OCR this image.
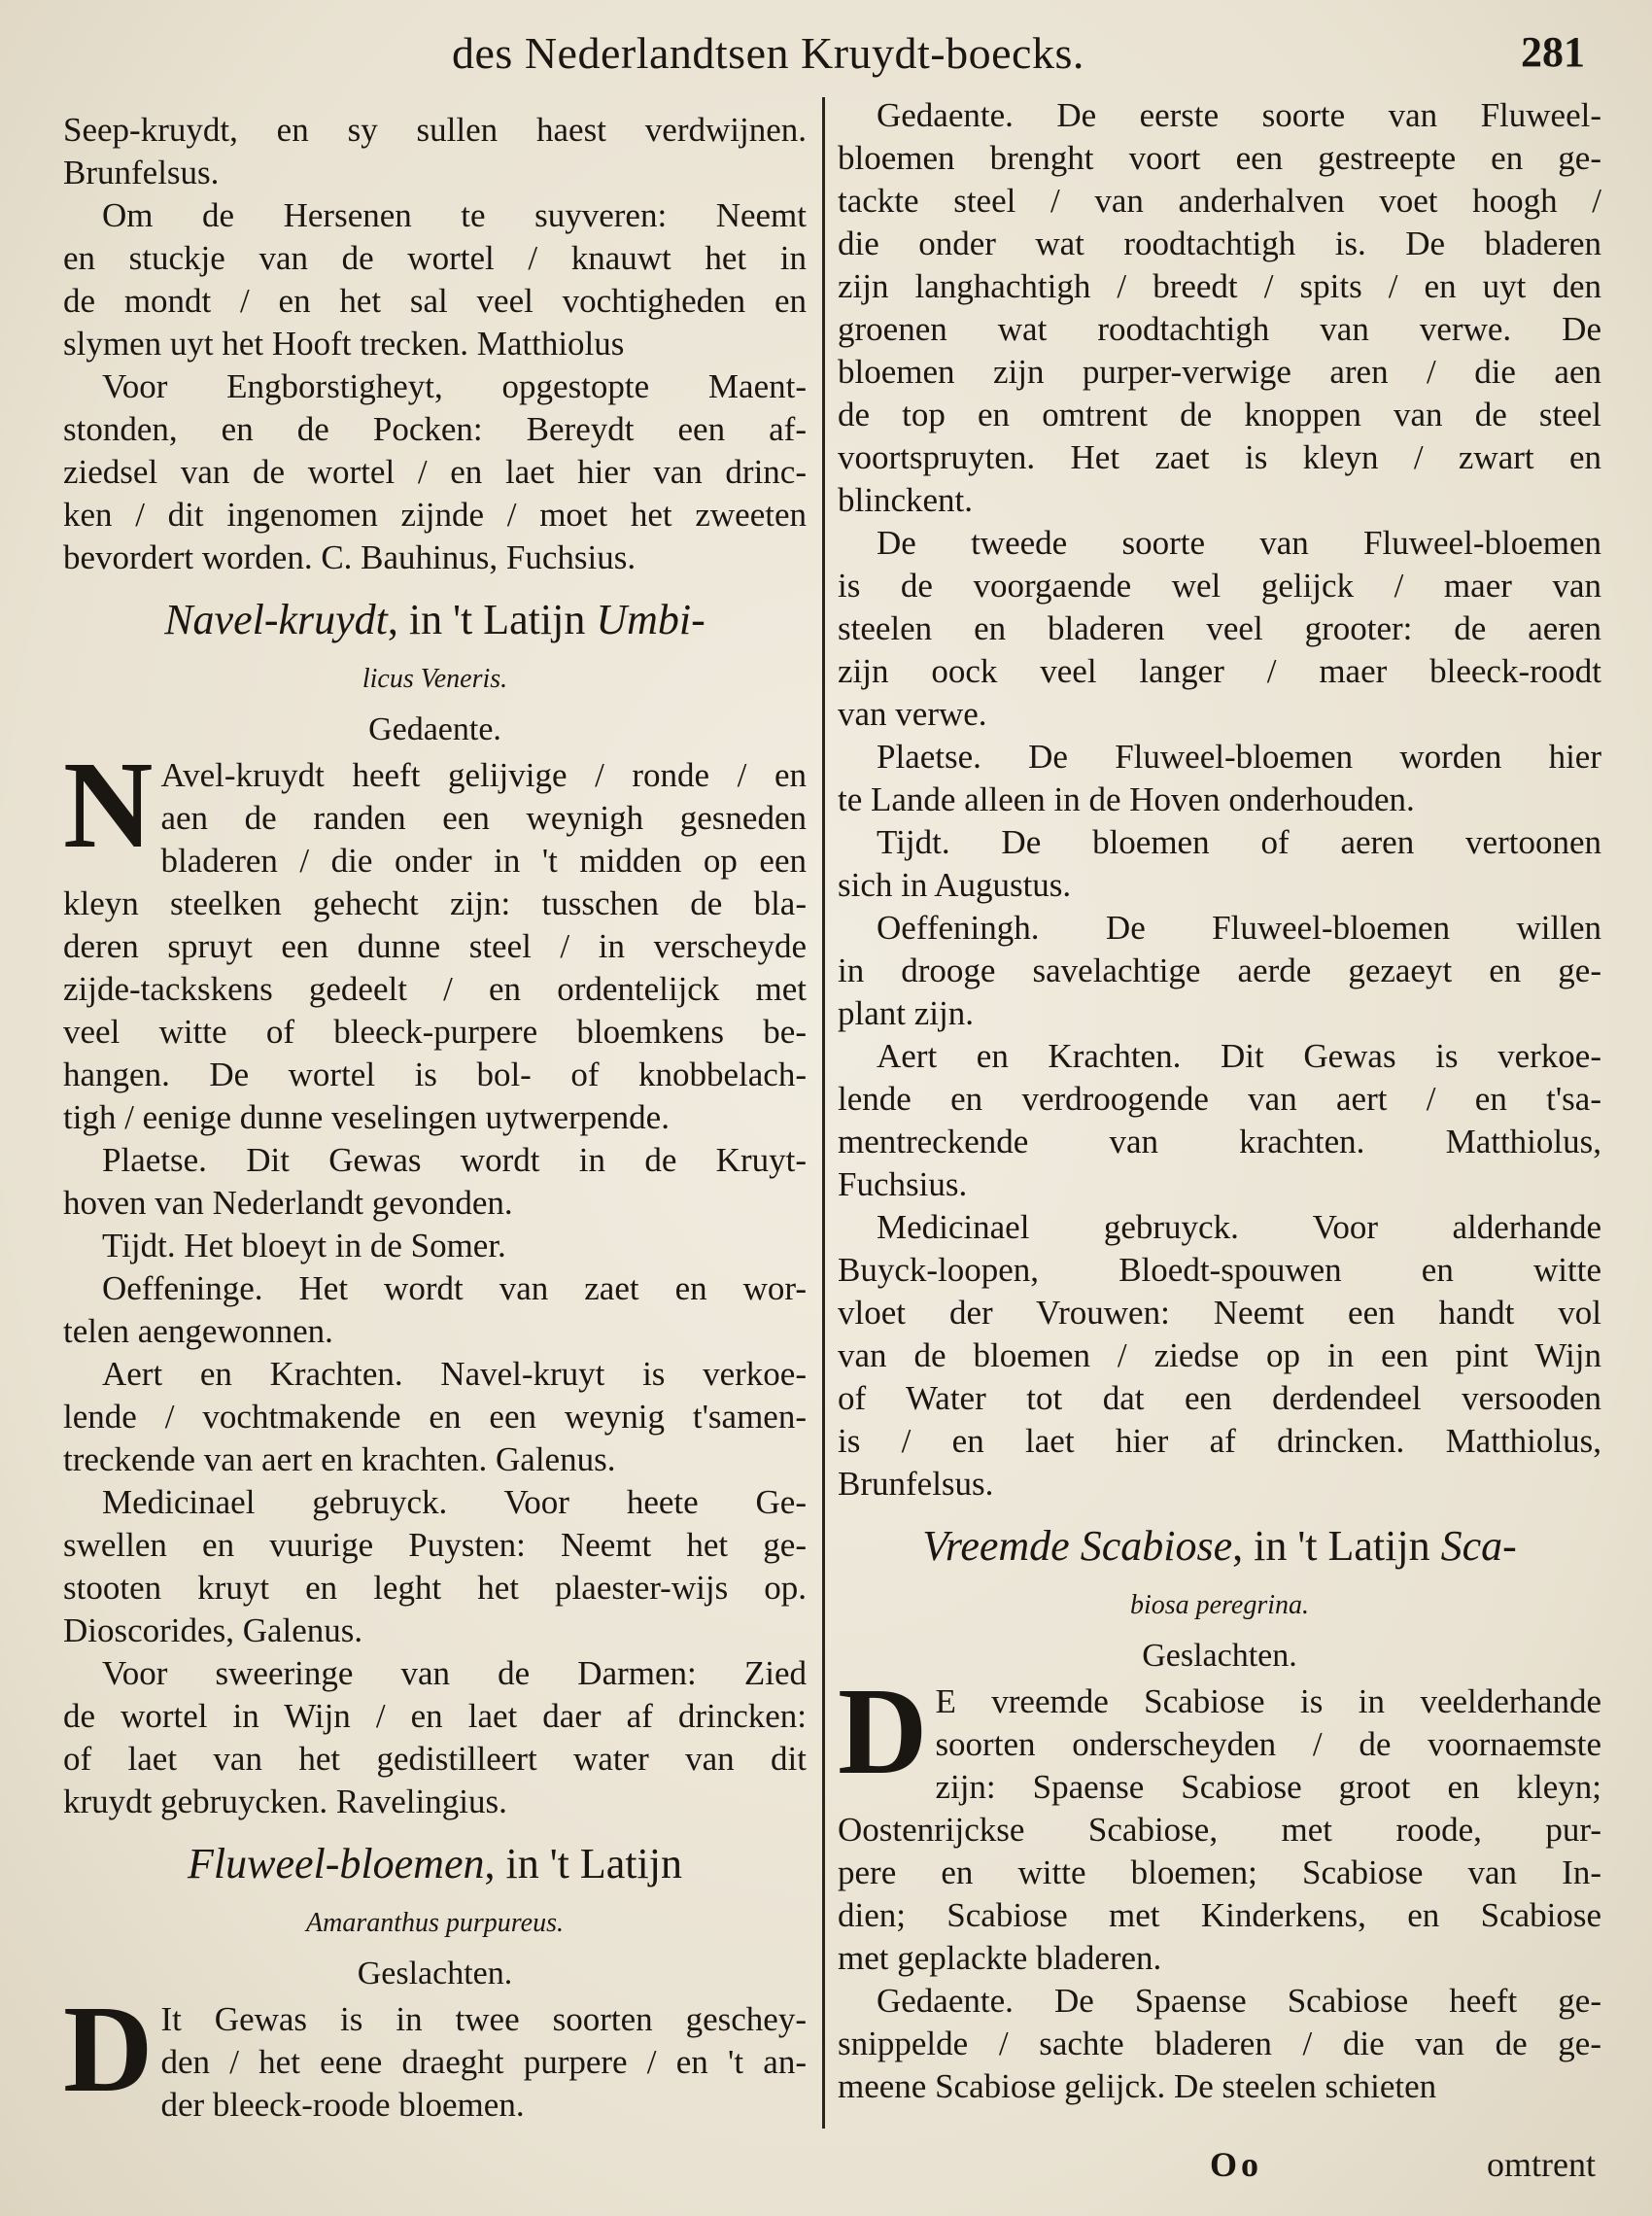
des Nederlandtsen Kruydt-boecks.	281
Seep-kruydt, en sy sullen haest verdwijnen.
Brunfelsus.
Om de Hersenen te suyveren: Neemt
en stuckje van de wortel / knauwt het in
de mondt / en het sal veel vochtigheden en
slymen uyt het Hooft trecken. Matthiolus
Voor Engborstigheyt, opgestopte Maent-
stonden, en de Pocken: Bereydt een af-
ziedsel van de wortel / en laet hier van drinc-
ken / dit ingenomen zijnde / moet het zweeten
bevordert worden. C. Bauhinus, Fuchsius.
Navel-kruydt, in 't Latijn Umbi-
licus Veneris.
Gedaente.
N Avel-kruydt heeft gelijvige / ronde / en
aen de randen een weynigh gesneden
bladeren / die onder in 't midden op een
kleyn steelken gehecht zijn: tusschen de bla-
deren spruyt een dunne steel / in verscheyde
zijde-tackskens gedeelt / en ordentelijck met
veel witte of bleeck-purpere bloemkens be-
hangen. De wortel is bol- of knobbelach-
tigh / eenige dunne veselingen uytwerpende.
Plaetse. Dit Gewas wordt in de Kruyt-
hoven van Nederlandt gevonden.
Tijdt. Het bloeyt in de Somer.
Oeffeninge. Het wordt van zaet en wor-
telen aengewonnen.
Aert en Krachten. Navel-kruyt is verkoe-
lende / vochtmakende en een weynig t'samen-
treckende van aert en krachten. Galenus.
Medicinael gebruyck. Voor heete Ge-
swellen en vuurige Puysten: Neemt het ge-
stooten kruyt en leght het plaester-wijs op.
Dioscorides, Galenus.
Voor sweeringe van de Darmen: Zied
de wortel in Wijn / en laet daer af drincken:
of laet van het gedistilleert water van dit
kruydt gebruycken. Ravelingius.
Fluweel-bloemen, in 't Latijn
Amaranthus purpureus.
Geslachten.
D It Gewas is in twee soorten geschey-
den / het eene draeght purpere / en 't an-
der bleeck-roode bloemen.
Gedaente. De eerste soorte van Fluweel-
bloemen brenght voort een gestreepte en ge-
tackte steel / van anderhalven voet hoogh /
die onder wat roodtachtigh is. De bladeren
zijn langhachtigh / breedt / spits / en uyt den
groenen wat roodtachtigh van verwe. De
bloemen zijn purper-verwige aren / die aen
de top en omtrent de knoppen van de steel
voortspruyten. Het zaet is kleyn / zwart en
blinckent.
De tweede soorte van Fluweel-bloemen
is de voorgaende wel gelijck / maer van
steelen en bladeren veel grooter: de aeren
zijn oock veel langer / maer bleeck-roodt
van verwe.
Plaetse. De Fluweel-bloemen worden hier
te Lande alleen in de Hoven onderhouden.
Tijdt. De bloemen of aeren vertoonen
sich in Augustus.
Oeffeningh. De Fluweel-bloemen willen
in drooge savelachtige aerde gezaeyt en ge-
plant zijn.
Aert en Krachten. Dit Gewas is verkoe-
lende en verdroogende van aert / en t'sa-
mentreckende van krachten. Matthiolus,
Fuchsius.
Medicinael gebruyck. Voor alderhande
Buyck-loopen, Bloedt-spouwen en witte
vloet der Vrouwen: Neemt een handt vol
van de bloemen / ziedse op in een pint Wijn
of Water tot dat een derdendeel versooden
is / en laet hier af drincken. Matthiolus,
Brunfelsus.
Vreemde Scabiose, in 't Latijn Sca-
biosa peregrina.
Geslachten.
D E vreemde Scabiose is in veelderhande
soorten onderscheyden / de voornaemste
zijn: Spaense Scabiose groot en kleyn;
Oostenrijckse Scabiose, met roode, pur-
pere en witte bloemen; Scabiose van In-
dien; Scabiose met Kinderkens, en Scabiose
met geplackte bladeren.
Gedaente. De Spaense Scabiose heeft ge-
snippelde / sachte bladeren / die van de ge-
meene Scabiose gelijck. De steelen schieten
Oo	omtrent
